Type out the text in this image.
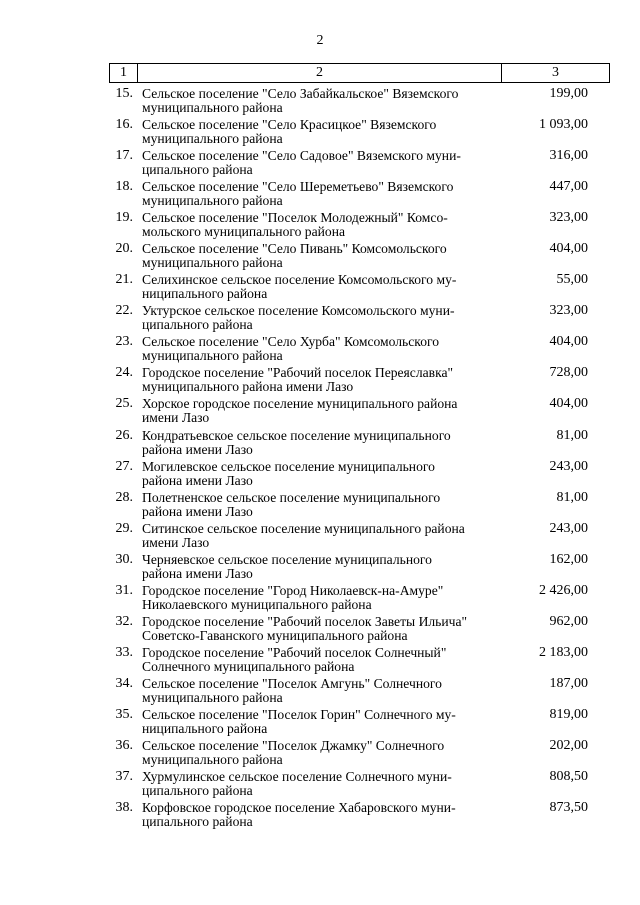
2
1	2	3
15. Сельское поселение "Село Забайкальское" Вяземского
муниципального района
199,00
16. Сельское поселение "Село Красицкое" Вяземского
муниципального района
1 093,00
17. Сельское поселение "Село Садовое" Вяземского муни-
ципального района
316,00
18. Сельское поселение "Село Шереметьево" Вяземского
муниципального района
447,00
19. Сельское поселение "Поселок Молодежный" Комсо-
мольского муниципального района
323,00
20. Сельское поселение "Село Пивань" Комсомольского
муниципального района
404,00
21. Селихинское сельское поселение Комсомольского му-
ниципального района
55,00
22. Уктурское сельское поселение Комсомольского муни-
ципального района
323,00
23. Сельское поселение "Село Хурба" Комсомольского
муниципального района
404,00
24. Городское поселение "Рабочий поселок Переяславка"
муниципального района имени Лазо
728,00
25. Хорское городское поселение муниципального района
имени Лазо
404,00
26. Кондратьевское сельское поселение муниципального
района имени Лазо
81,00
27. Могилевское сельское поселение муниципального
района имени Лазо
243,00
28. Полетненское сельское поселение муниципального
района имени Лазо
81,00
29. Ситинское сельское поселение муниципального района
имени Лазо
243,00
30. Черняевское сельское поселение муниципального
района имени Лазо
162,00
31. Городское поселение "Город Николаевск-на-Амуре"
Николаевского муниципального района
2 426,00
32. Городское поселение "Рабочий поселок Заветы Ильича"
Советско-Гаванского муниципального района
962,00
33. Городское поселение "Рабочий поселок Солнечный"
Солнечного муниципального района
2 183,00
34. Сельское поселение "Поселок Амгунь" Солнечного
муниципального района
187,00
35. Сельское поселение "Поселок Горин" Солнечного му-
ниципального района
819,00
36. Сельское поселение "Поселок Джамку" Солнечного
муниципального района
202,00
37. Хурмулинское сельское поселение Солнечного муни-
ципального района
808,50
38. Корфовское городское поселение Хабаровского муни-
ципального района
873,50
